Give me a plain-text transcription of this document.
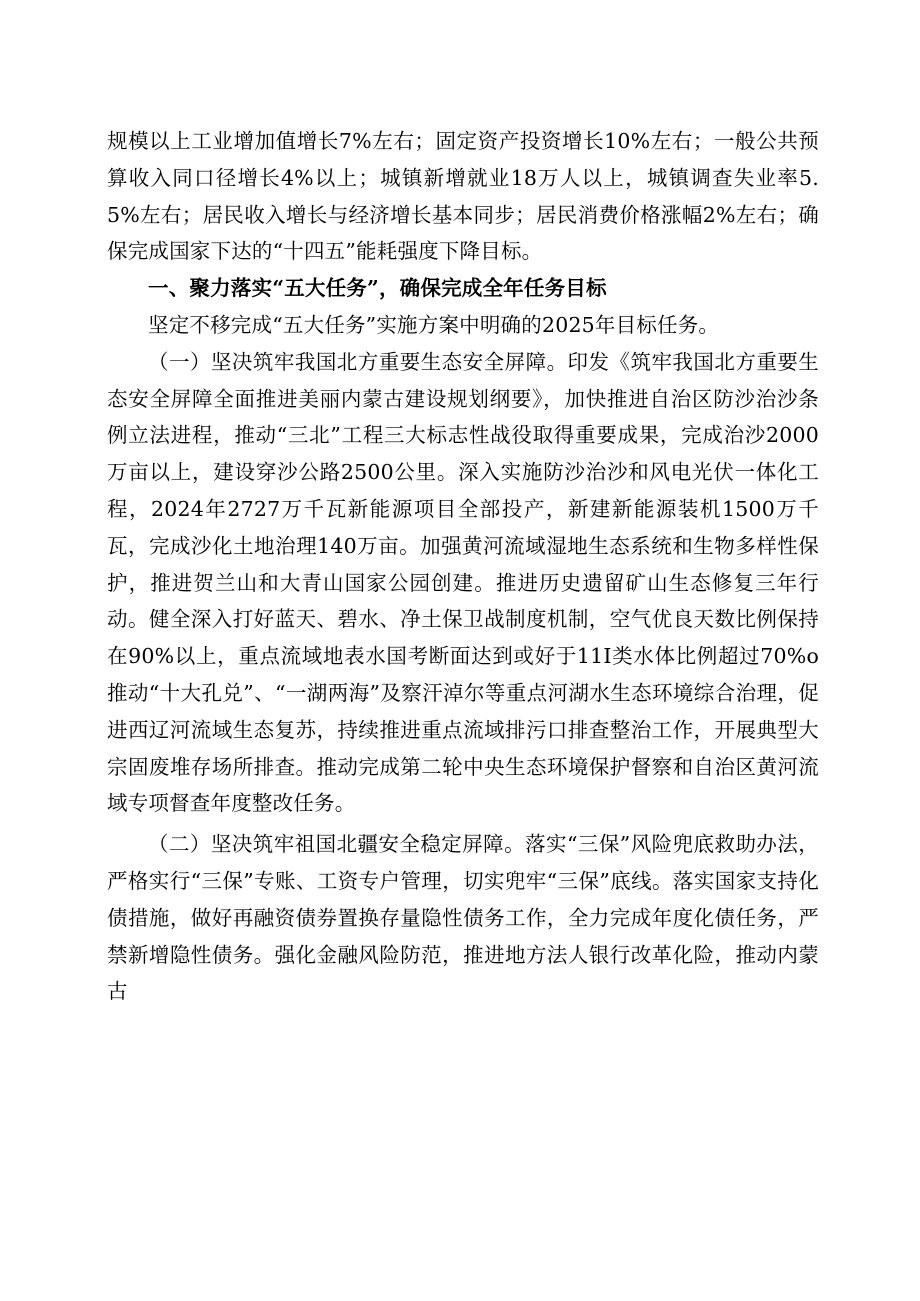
规模以上工业增加值增长7%左右；固定资产投资增长10%左右；一般公共预算收入同口径增长4%以上；城镇新增就业18万人以上，城镇调查失业率5.5%左右；居民收入增长与经济增长基本同步；居民消费价格涨幅2%左右；确保完成国家下达的“十四五”能耗强度下降目标。

一、聚力落实“五大任务”，确保完成全年任务目标

坚定不移完成“五大任务”实施方案中明确的2025年目标任务。

（一）坚决筑牢我国北方重要生态安全屏障。印发《筑牢我国北方重要生态安全屏障全面推进美丽内蒙古建设规划纲要》，加快推进自治区防沙治沙条例立法进程，推动“三北”工程三大标志性战役取得重要成果，完成治沙2000万亩以上，建设穿沙公路2500公里。深入实施防沙治沙和风电光伏一体化工程，2024年2727万千瓦新能源项目全部投产，新建新能源装机1500万千瓦，完成沙化土地治理140万亩。加强黄河流域湿地生态系统和生物多样性保护，推进贺兰山和大青山国家公园创建。推进历史遗留矿山生态修复三年行动。健全深入打好蓝天、碧水、净土保卫战制度机制，空气优良天数比例保持在90%以上，重点流域地表水国考断面达到或好于11I类水体比例超过70%o推动“十大孔兑”、“一湖两海”及察汗淖尔等重点河湖水生态环境综合治理，促进西辽河流域生态复苏，持续推进重点流域排污口排查整治工作，开展典型大宗固废堆存场所排查。推动完成第二轮中央生态环境保护督察和自治区黄河流域专项督查年度整改任务。

（二）坚决筑牢祖国北疆安全稳定屏障。落实“三保”风险兜底救助办法，严格实行“三保”专账、工资专户管理，切实兜牢“三保”底线。落实国家支持化债措施，做好再融资债券置换存量隐性债务工作，全力完成年度化债任务，严禁新增隐性债务。强化金融风险防范，推进地方法人银行改革化险，推动内蒙古
